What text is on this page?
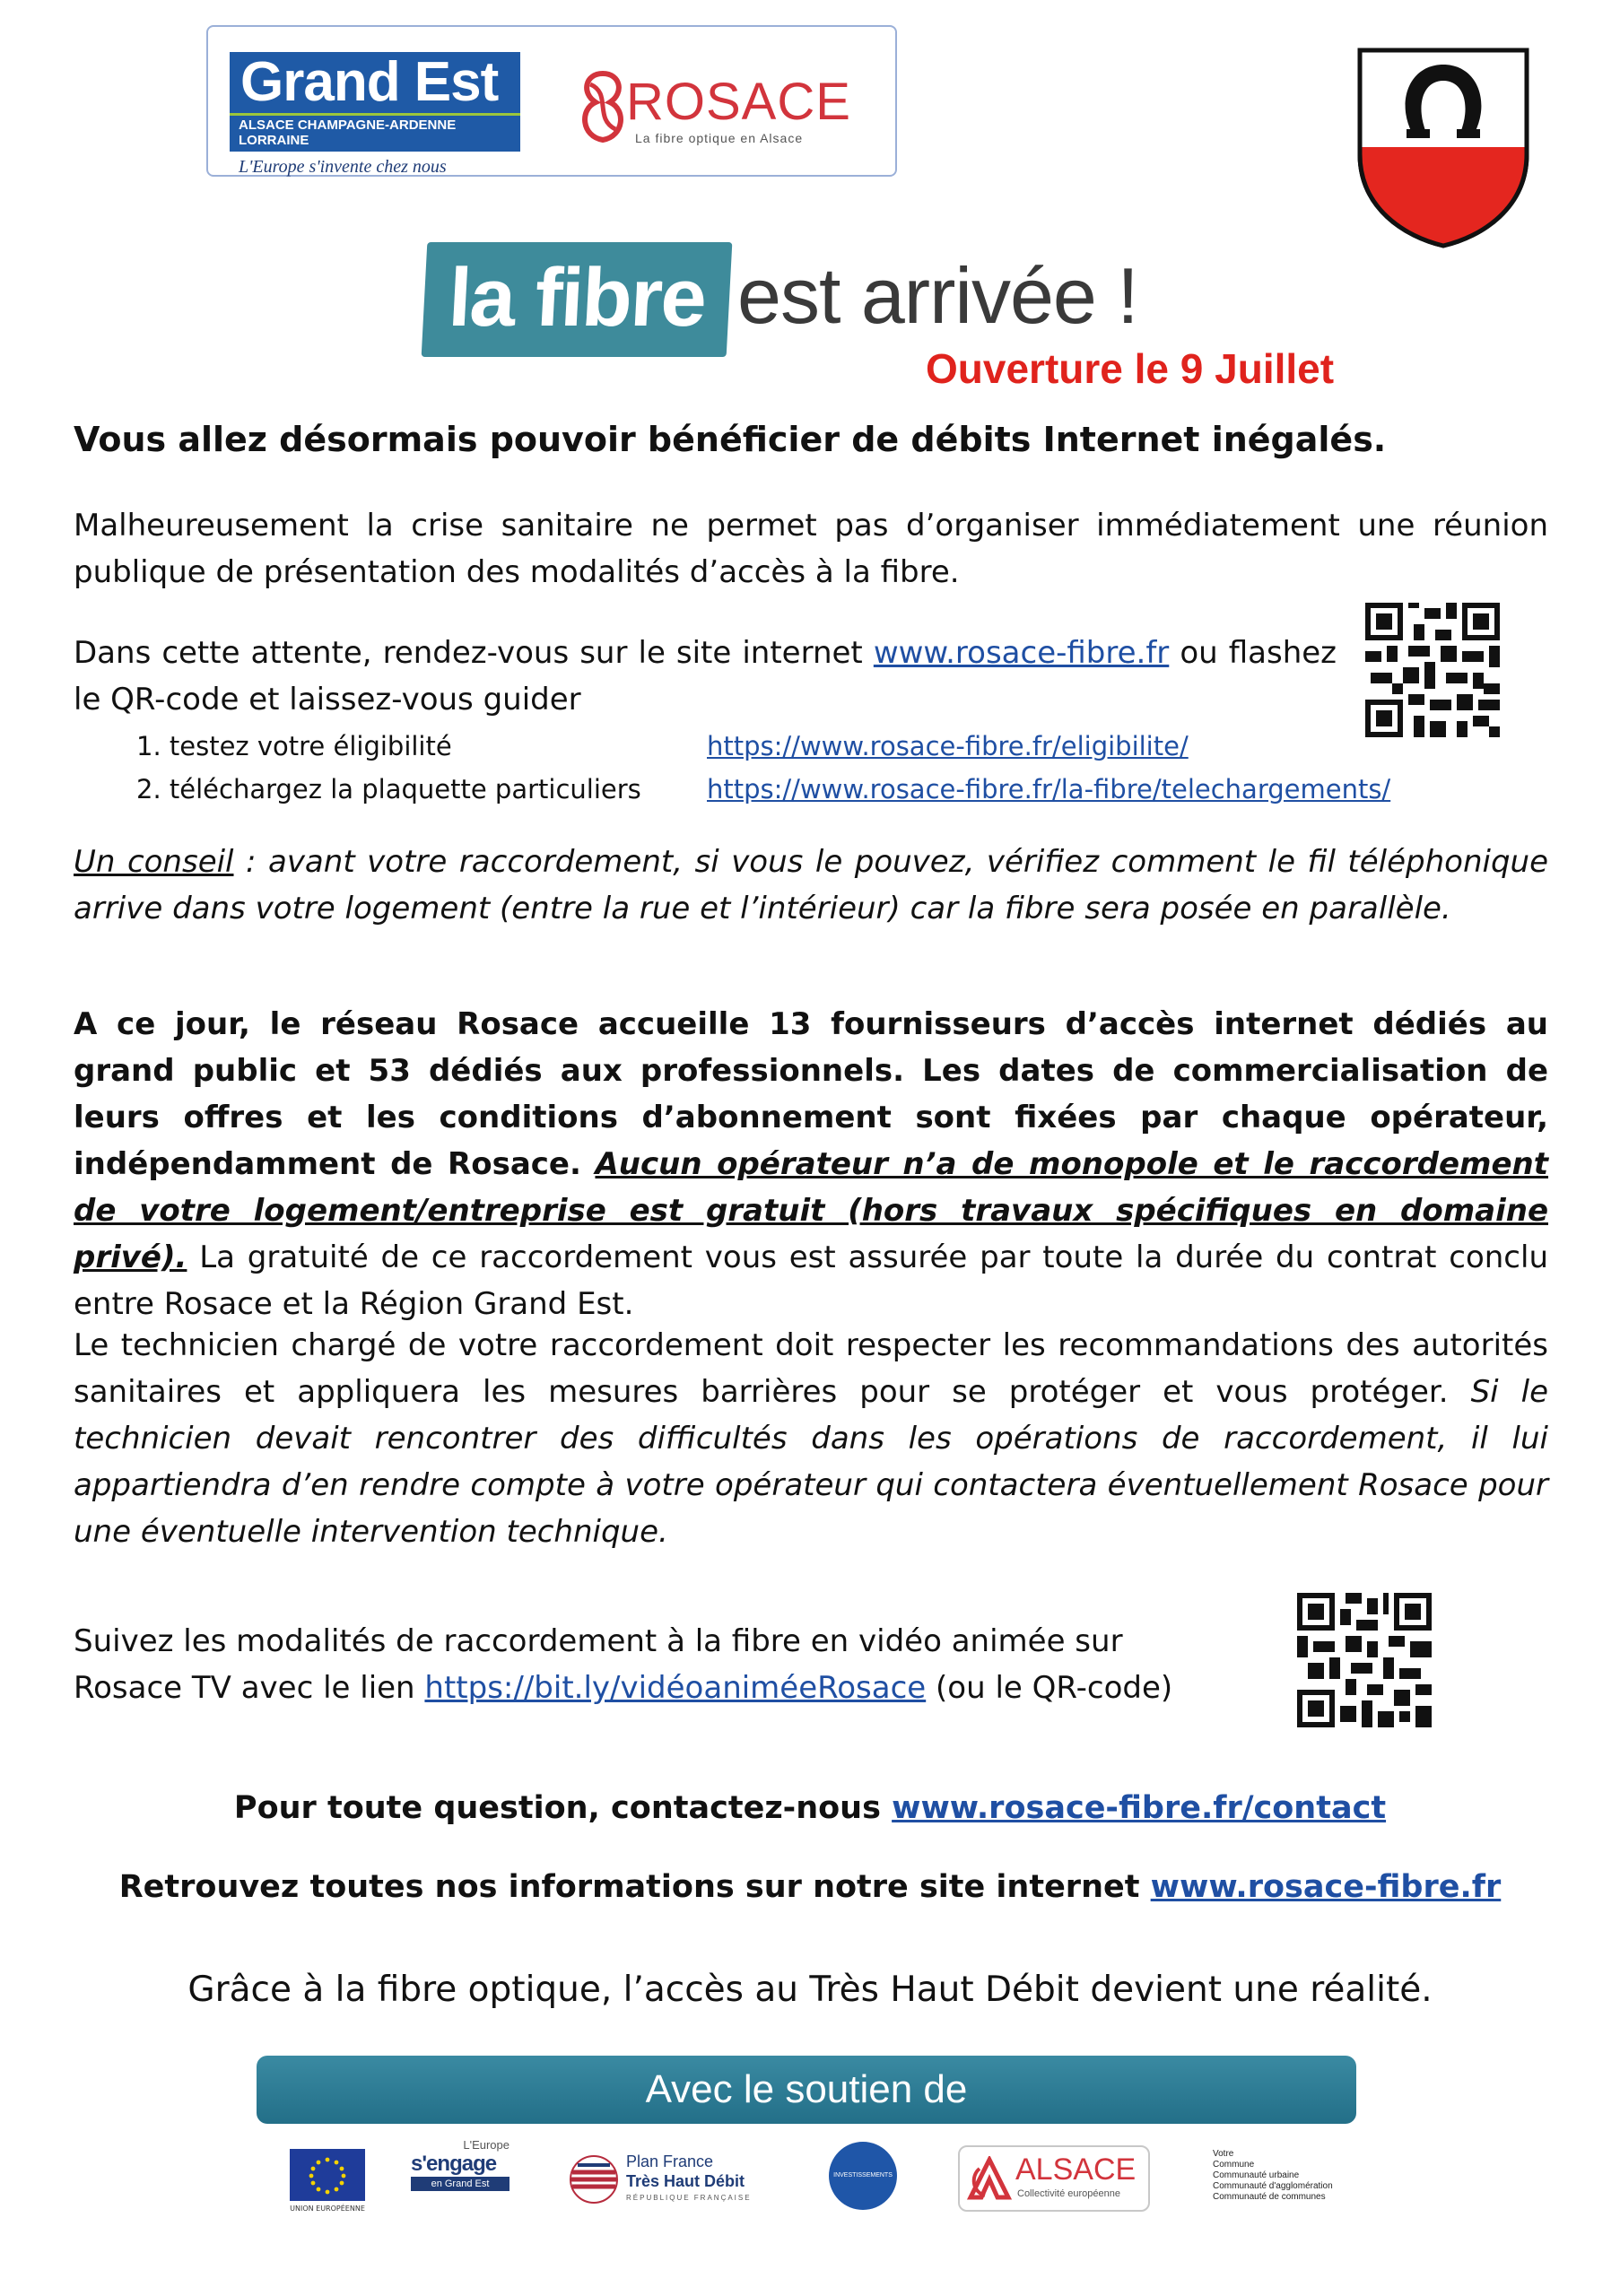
Grand Est
ALSACE CHAMPAGNE-ARDENNE LORRAINE
L'Europe s'invente chez nous
ROSACE
La fibre optique en Alsace
la fibre est arrivée !
Ouverture le 9 Juillet
Vous allez désormais pouvoir bénéficier de débits Internet inégalés.

Malheureusement la crise sanitaire ne permet pas d’organiser immédiatement une réunion publique de présentation des modalités d’accès à la fibre.

Dans cette attente, rendez-vous sur le site internet www.rosace-fibre.fr ou flashez le QR-code et laissez-vous guider

1. testez votre éligibilité	https://www.rosace-fibre.fr/eligibilite/
2. téléchargez la plaquette particuliers	https://www.rosace-fibre.fr/la-fibre/telechargements/

Un conseil : avant votre raccordement, si vous le pouvez, vérifiez comment le fil téléphonique arrive dans votre logement (entre la rue et l’intérieur) car la fibre sera posée en parallèle.

A ce jour, le réseau Rosace accueille 13 fournisseurs d’accès internet dédiés au grand public et 53 dédiés aux professionnels. Les dates de commercialisation de leurs offres et les conditions d’abonnement sont fixées par chaque opérateur, indépendamment de Rosace. Aucun opérateur n’a de monopole et le raccordement de votre logement/entreprise est gratuit (hors travaux spécifiques en domaine privé). La gratuité de ce raccordement vous est assurée par toute la durée du contrat conclu entre Rosace et la Région Grand Est.

Le technicien chargé de votre raccordement doit respecter les recommandations des autorités sanitaires et appliquera les mesures barrières pour se protéger et vous protéger. Si le technicien devait rencontrer des difficultés dans les opérations de raccordement, il lui appartiendra d’en rendre compte à votre opérateur qui contactera éventuellement Rosace pour une éventuelle intervention technique.

Suivez les modalités de raccordement à la fibre en vidéo animée sur
Rosace TV avec le lien https://bit.ly/vidéoaniméeRosace (ou le QR-code)
Pour toute question, contactez-nous www.rosace-fibre.fr/contact
Retrouvez toutes nos informations sur notre site internet www.rosace-fibre.fr
Grâce à la fibre optique, l’accès au Très Haut Débit devient une réalité.
Avec le soutien de
UNION EUROPÉENNE
L'Europe
s'engage
en Grand Est
Plan France
Très Haut Débit
RÉPUBLIQUE FRANÇAISE
INVESTISSEMENTS D'AVENIR
ALSACE
Collectivité européenne
Votre
Commune
Communauté urbaine
Communauté d'agglomération
Communauté de communes
